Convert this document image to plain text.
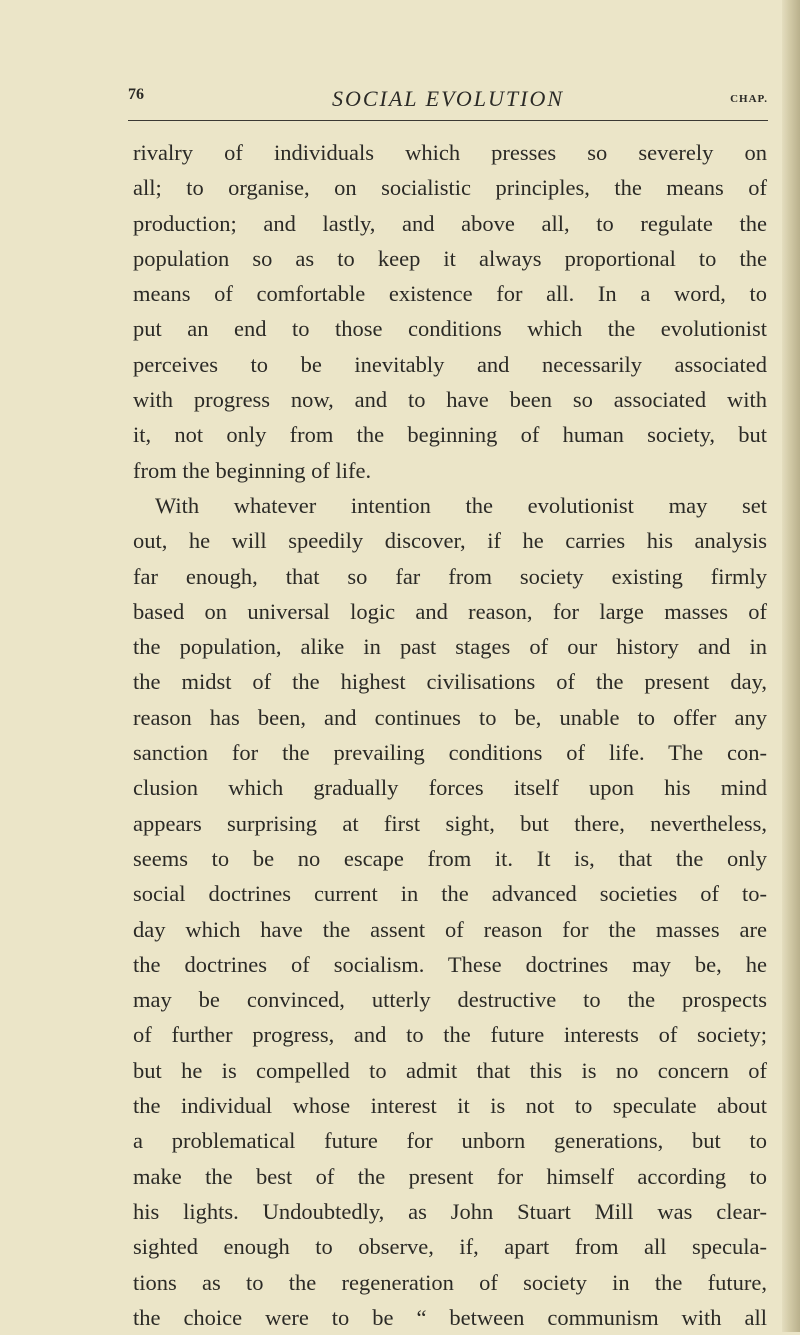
76	SOCIAL EVOLUTION	CHAP.
rivalry of individuals which presses so severely on
all; to organise, on socialistic principles, the means of
production; and lastly, and above all, to regulate the
population so as to keep it always proportional to the
means of comfortable existence for all. In a word, to
put an end to those conditions which the evolutionist
perceives to be inevitably and necessarily associated
with progress now, and to have been so associated with
it, not only from the beginning of human society, but
from the beginning of life.
With whatever intention the evolutionist may set
out, he will speedily discover, if he carries his analysis
far enough, that so far from society existing firmly
based on universal logic and reason, for large masses of
the population, alike in past stages of our history and in
the midst of the highest civilisations of the present day,
reason has been, and continues to be, unable to offer any
sanction for the prevailing conditions of life. The con-
clusion which gradually forces itself upon his mind
appears surprising at first sight, but there, nevertheless,
seems to be no escape from it. It is, that the only
social doctrines current in the advanced societies of to-
day which have the assent of reason for the masses are
the doctrines of socialism. These doctrines may be, he
may be convinced, utterly destructive to the prospects
of further progress, and to the future interests of society;
but he is compelled to admit that this is no concern of
the individual whose interest it is not to speculate about
a problematical future for unborn generations, but to
make the best of the present for himself according to
his lights. Undoubtedly, as John Stuart Mill was clear-
sighted enough to observe, if, apart from all specula-
tions as to the regeneration of society in the future,
the choice were to be “ between communism with all
